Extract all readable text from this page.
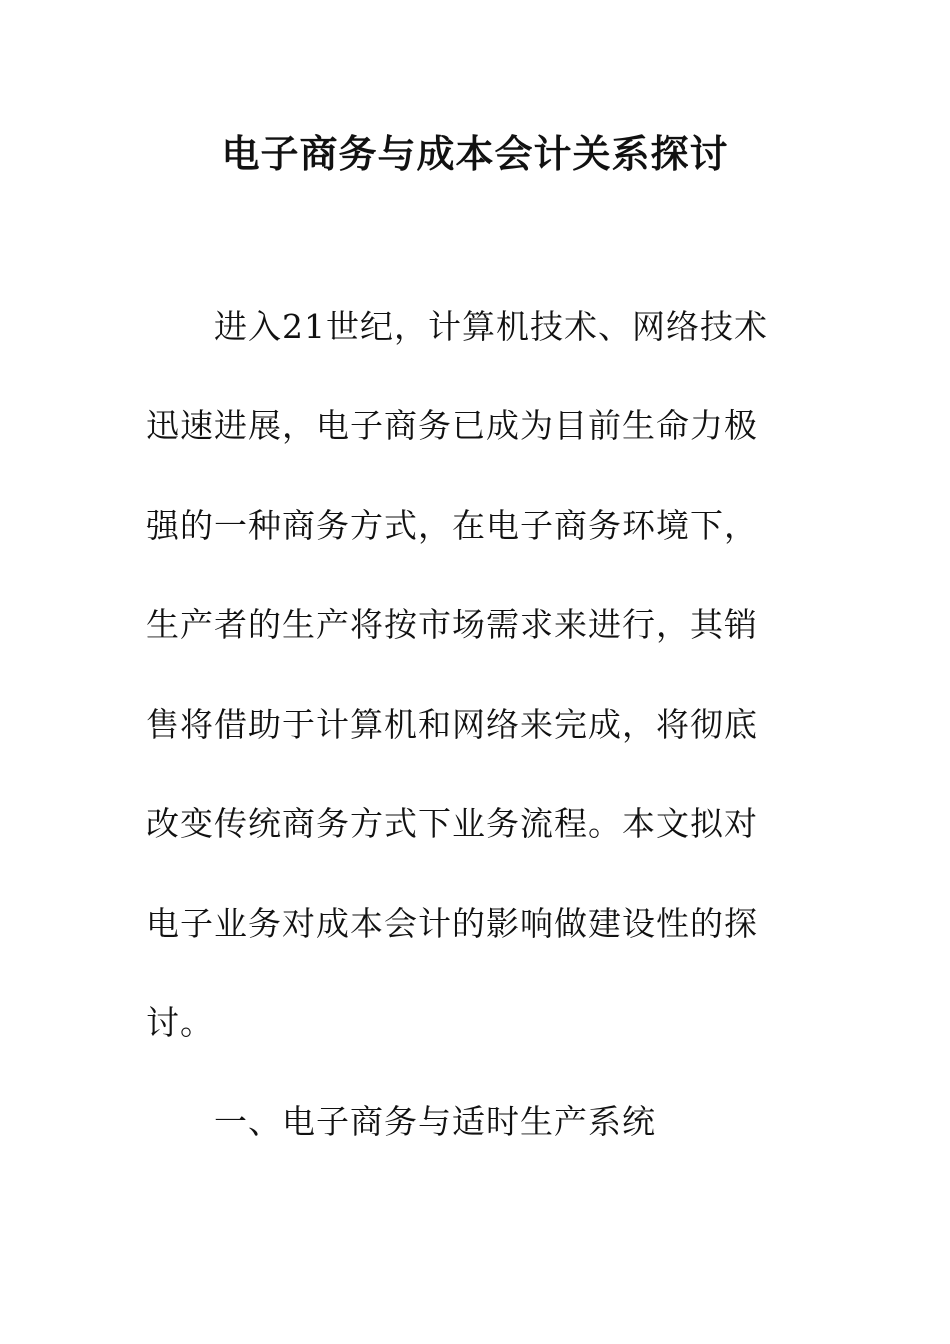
电子商务与成本会计关系探讨

进入21世纪，计算机技术、网络技术

迅速进展，电子商务已成为目前生命力极

强的一种商务方式，在电子商务环境下，

生产者的生产将按市场需求来进行，其销

售将借助于计算机和网络来完成，将彻底

改变传统商务方式下业务流程。本文拟对

电子业务对成本会计的影响做建设性的探

讨。

一、电子商务与适时生产系统
